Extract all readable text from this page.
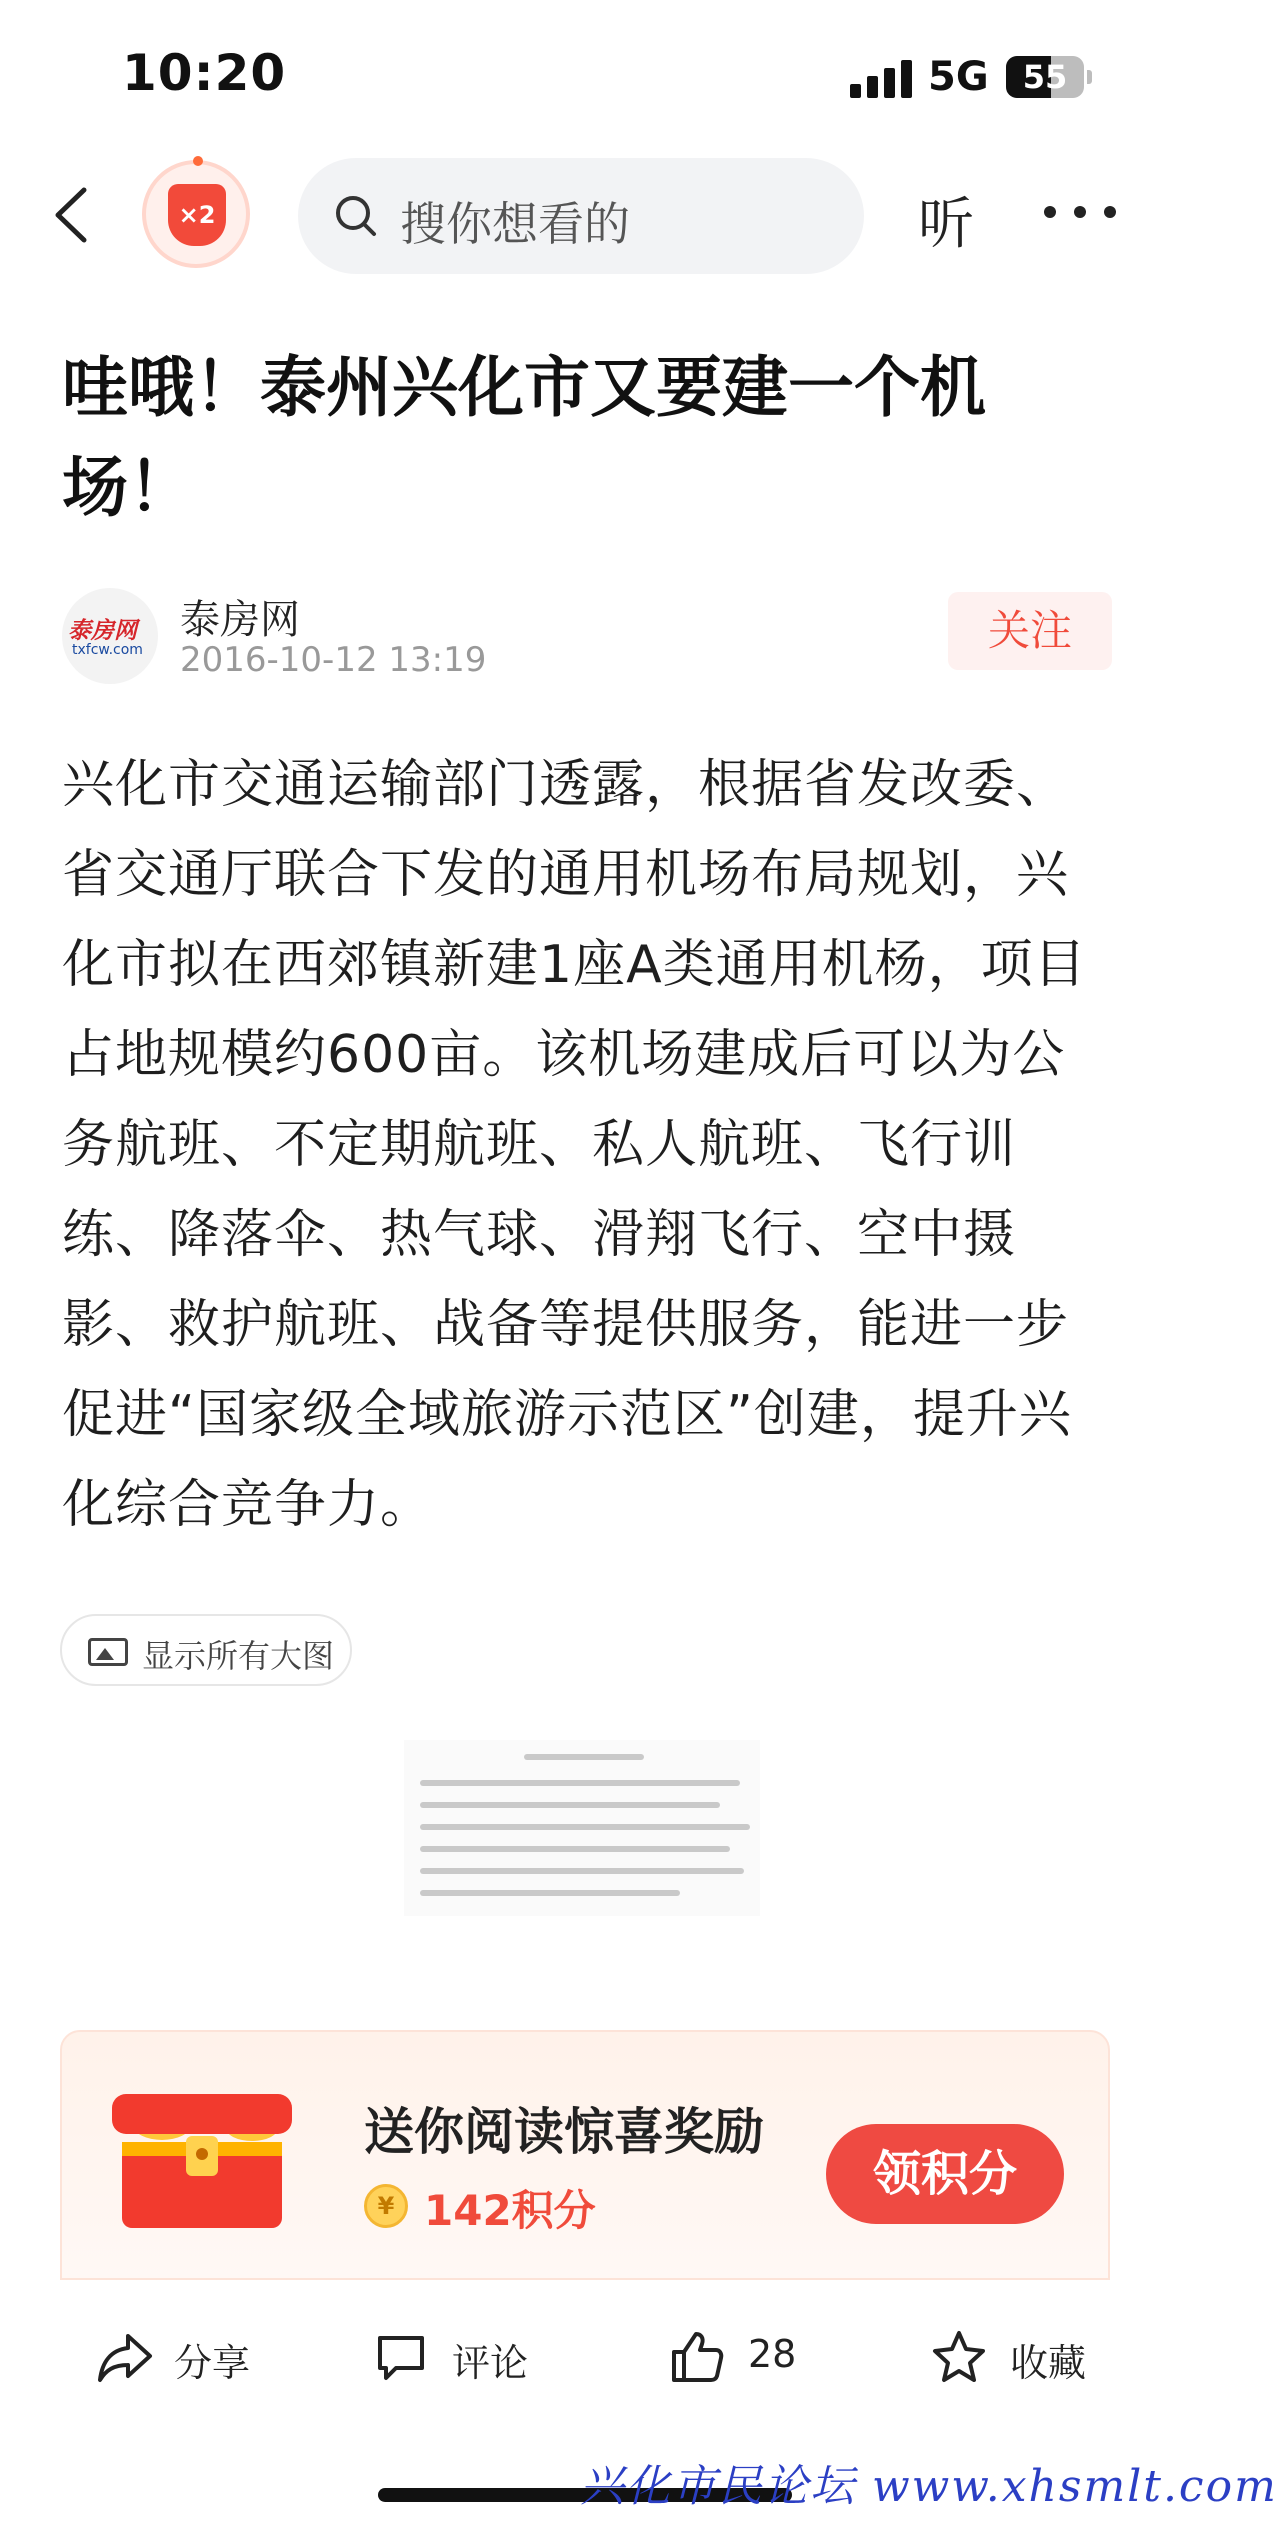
10:20	5G	55
×2	搜你想看的	听
哇哦！泰州兴化市又要建一个机场！
泰房网
txfcw.com
泰房网
2016-10-12 13:19
关注

兴化市交通运输部门透露，根据省发改委、省交通厅联合下发的通用机场布局规划，兴化市拟在西郊镇新建1座A类通用机杨，项目占地规模约600亩。该机场建成后可以为公务航班、不定期航班、私人航班、飞行训练、降落伞、热气球、滑翔飞行、空中摄影、救护航班、战备等提供服务，能进一步促进“国家级全域旅游示范区”创建，提升兴化综合竞争力。

显示所有大图
送你阅读惊喜奖励
¥ 142积分
领积分
分享	评论	28	收藏
兴化市民论坛 www.xhsmlt.com
